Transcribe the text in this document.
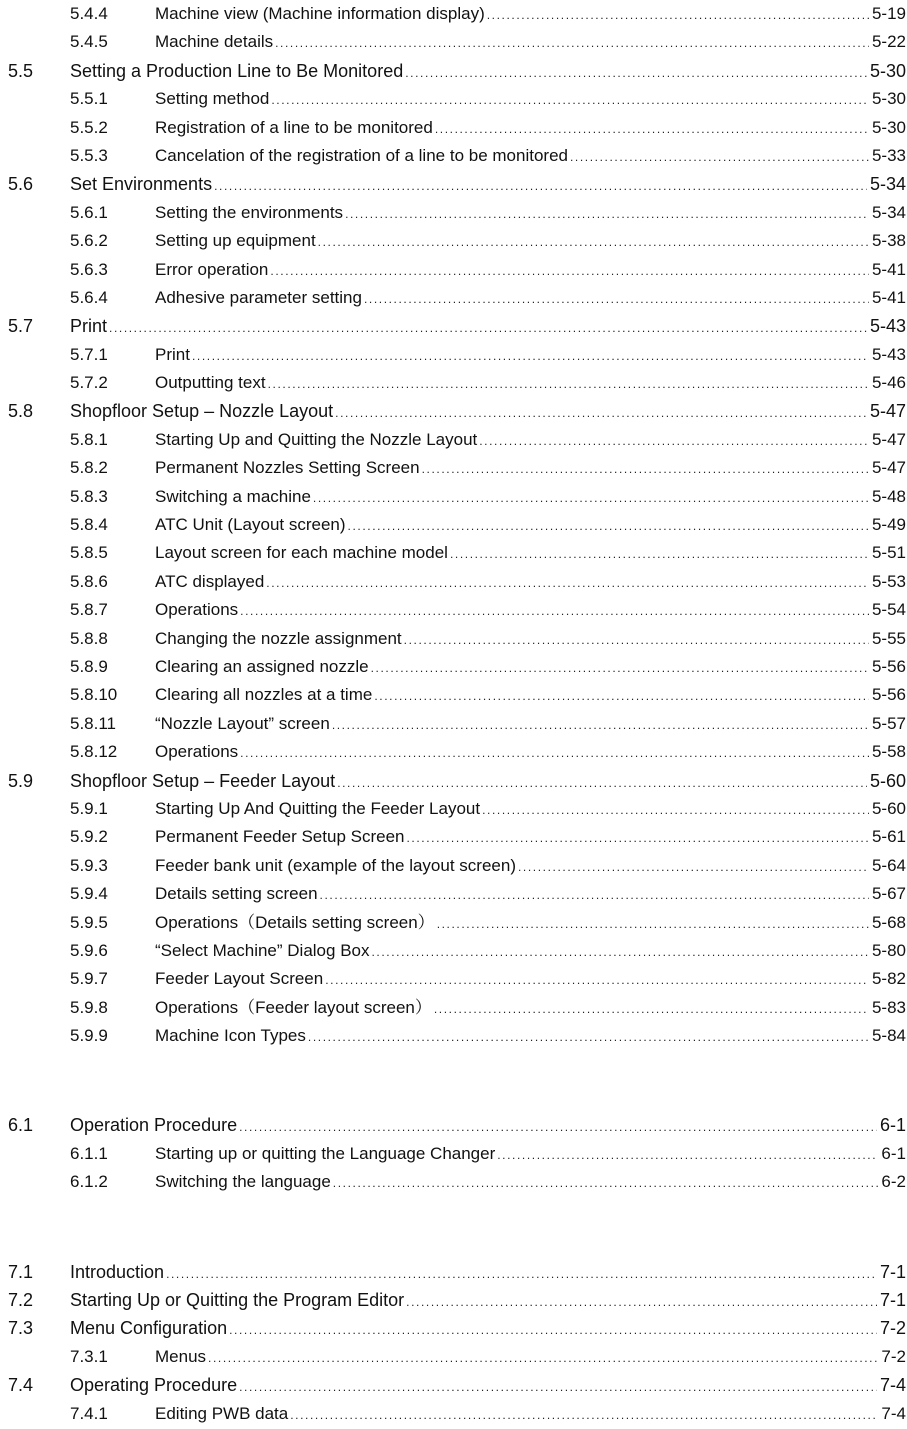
5.4.4	Machine view (Machine information display) .....	5-19
5.4.5	Machine details .....	5-22
5.5 Setting a Production Line to Be Monitored .....	5-30
5.5.1	Setting method .....	5-30
5.5.2	Registration of a line to be monitored .....	5-30
5.5.3	Cancelation of the registration of a line to be monitored .....	5-33
5.6 Set Environments .....	5-34
5.6.1	Setting the environments .....	5-34
5.6.2	Setting up equipment .....	5-38
5.6.3	Error operation .....	5-41
5.6.4	Adhesive parameter setting .....	5-41
5.7 Print .....	5-43
5.7.1	Print .....	5-43
5.7.2	Outputting text .....	5-46
5.8 Shopfloor Setup – Nozzle Layout .....	5-47
5.8.1	Starting Up and Quitting the Nozzle Layout .....	5-47
5.8.2	Permanent Nozzles Setting Screen .....	5-47
5.8.3	Switching a machine .....	5-48
5.8.4	ATC Unit (Layout screen) .....	5-49
5.8.5	Layout screen for each machine model .....	5-51
5.8.6	ATC displayed .....	5-53
5.8.7	Operations .....	5-54
5.8.8	Changing the nozzle assignment .....	5-55
5.8.9	Clearing an assigned nozzle .....	5-56
5.8.10 Clearing all nozzles at a time .....	5-56
5.8.11 “Nozzle Layout” screen .....	5-57
5.8.12 Operations .....	5-58
5.9 Shopfloor Setup – Feeder Layout .....	5-60
5.9.1	Starting Up And Quitting the Feeder Layout .....	5-60
5.9.2	Permanent Feeder Setup Screen .....	5-61
5.9.3	Feeder bank unit (example of the layout screen) .....	5-64
5.9.4	Details setting screen .....	5-67
5.9.5	Operations（Details setting screen） .....	5-68
5.9.6	“Select Machine” Dialog Box .....	5-80
5.9.7	Feeder Layout Screen .....	5-82
5.9.8	Operations（Feeder layout screen） .....	5-83
5.9.9	Machine Icon Types .....	5-84
6.1 Operation Procedure .....	6-1
6.1.1	Starting up or quitting the Language Changer .....	6-1
6.1.2	Switching the language .....	6-2
7.1 Introduction .....	7-1
7.2 Starting Up or Quitting the Program Editor .....	7-1
7.3 Menu Configuration .....	7-2
7.3.1	Menus .....	7-2
7.4 Operating Procedure .....	7-4
7.4.1	Editing PWB data .....	7-4
